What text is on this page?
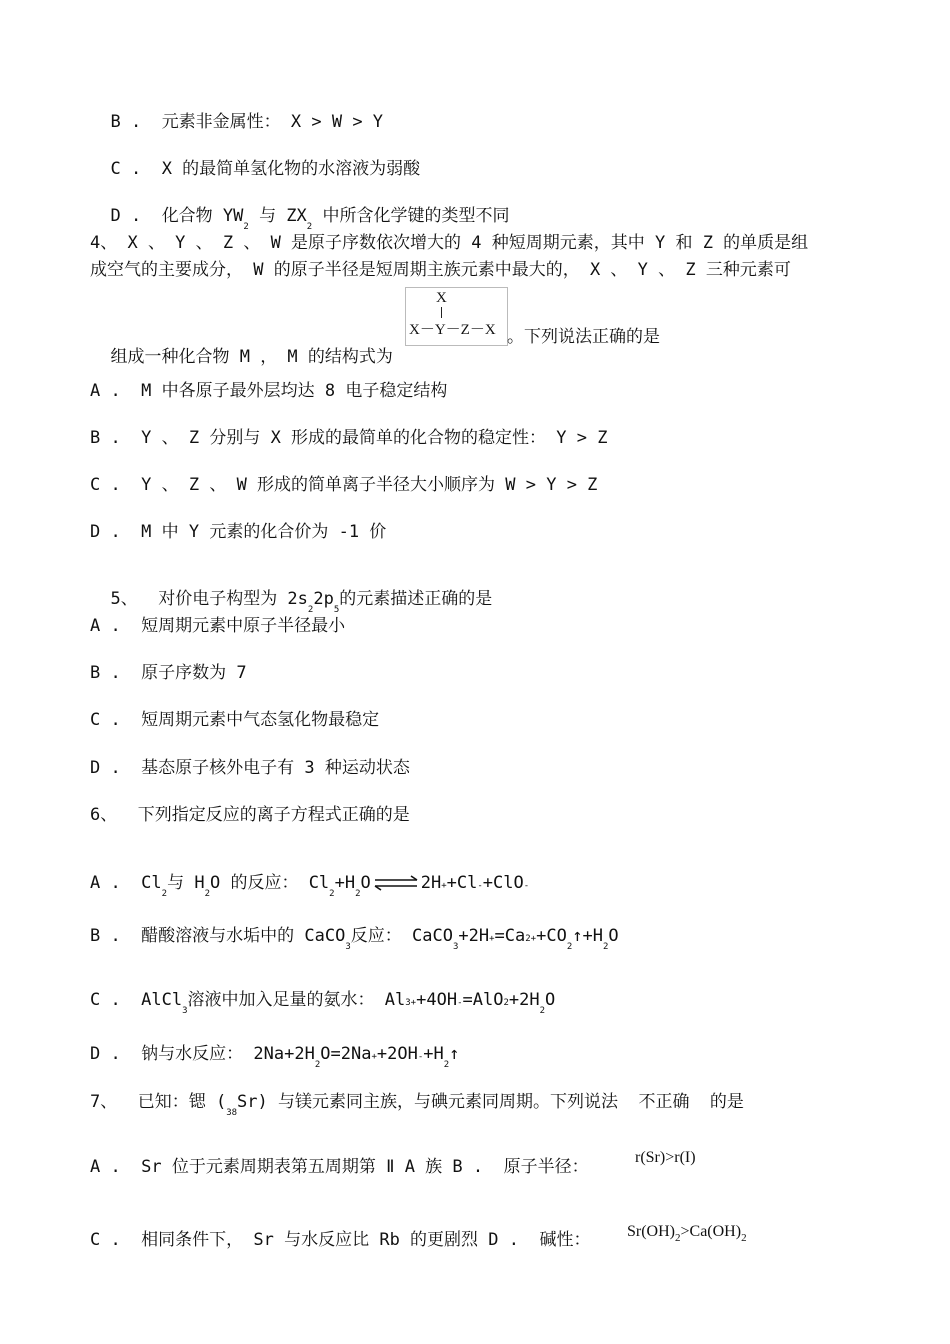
B . 元素非金属性： X > W > Y

C . X 的最简单氢化物的水溶液为弱酸

D . 化合物 $YW_2$ 与 $ZX_2$ 中所含化学键的类型不同

4、 X 、 Y 、 Z 、 W 是原子序数依次增大的 4 种短周期元素，其中 Y 和 Z 的单质是组
成空气的主要成分， W 的原子半径是短周期主族元素中最大的， X 、 Y 、 Z 三种元素可

组成一种化合物 M ， M 的结构式为

X
X－Y－Z－X 。下列说法正确的是
A .  M 中各原子最外层均达 8 电子稳定结构
B .  Y 、 Z 分别与 X 形成的最简单的化合物的稳定性： Y > Z
C .  Y 、 Z 、 W 形成的简单离子半径大小顺序为 W > Y > Z
D .  M 中 Y 元素的化合价为 -1 价

5、  对价电子构型为 $2s_22p_5$的元素描述正确的是

A .  短周期元素中原子半径最小
B .  原子序数为 7
C .  短周期元素中气态氢化物最稳定
D .  基态原子核外电子有 3 种运动状态
6、  下列指定反应的离子方程式正确的是
A .  $Cl_2$与 $H_2O$ 的反应： $Cl_2+H_2O$ ⇌ 2H++Cl-+ClO-
B .  醋酸溶液与水垢中的 CaCO$_3$反应： $CaCO_3+2H+=Ca2++CO_2↑+H_2O$
C .  AlCl$_3$溶液中加入足量的氨水： $Al3++4OH-=AlO2+2H_2O$
D .  钠与水反应： $2Na+2H_2O=2Na++2OH-+H_2↑$
7、  已知：锶 $(_{38}Sr)$ 与镁元素同主族，与碘元素同周期。下列说法  不正确  的是
A .  Sr 位于元素周期表第五周期第 Ⅱ A 族 B .  原子半径：	r(Sr)>r(I)
C .  相同条件下， Sr 与水反应比 Rb 的更剧烈 D .  碱性： $Sr(OH)_2>Ca(OH)_2$
